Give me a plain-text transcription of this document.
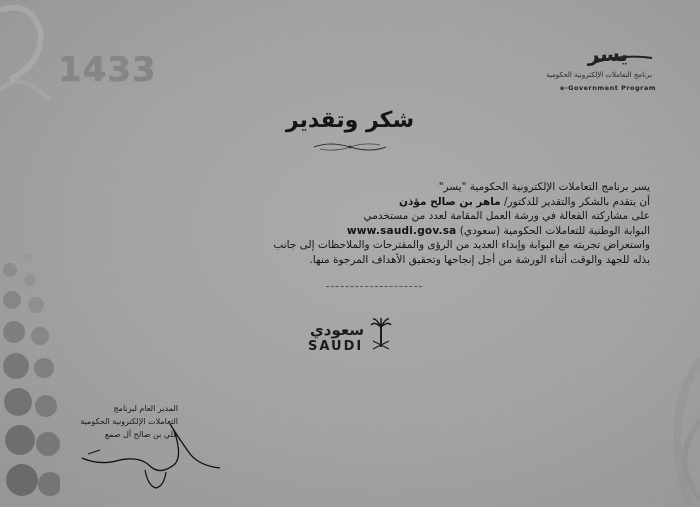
1433	يسر
برنامج التعاملات الإلكترونية الحكومية
e-Government Program
شكر وتقدير
يسر برنامج التعاملات الإلكترونية الحكومية "يسر"
أن يتقدم بالشكر والتقدير للدكتور/ ماهر بن صالح مؤذن
على مشاركته الفعالة في ورشة العمل المقامة لعدد من مستخدمي
البوابة الوطنية للتعاملات الحكومية (سعودي) www.saudi.gov.sa
واستعراض تجربته مع البوابة وإبداء العديد من الرؤى والمقترحات والملاحظات إلى جانب
بذله للجهد والوقت أثناء الورشة من أجل إنجاحها وتحقيق الأهداف المرجوة منها.
سعودي
SAUDI
المدير العام لبرنامج
التعاملات الإلكترونية الحكومية
علي بن صالح آل صمع
